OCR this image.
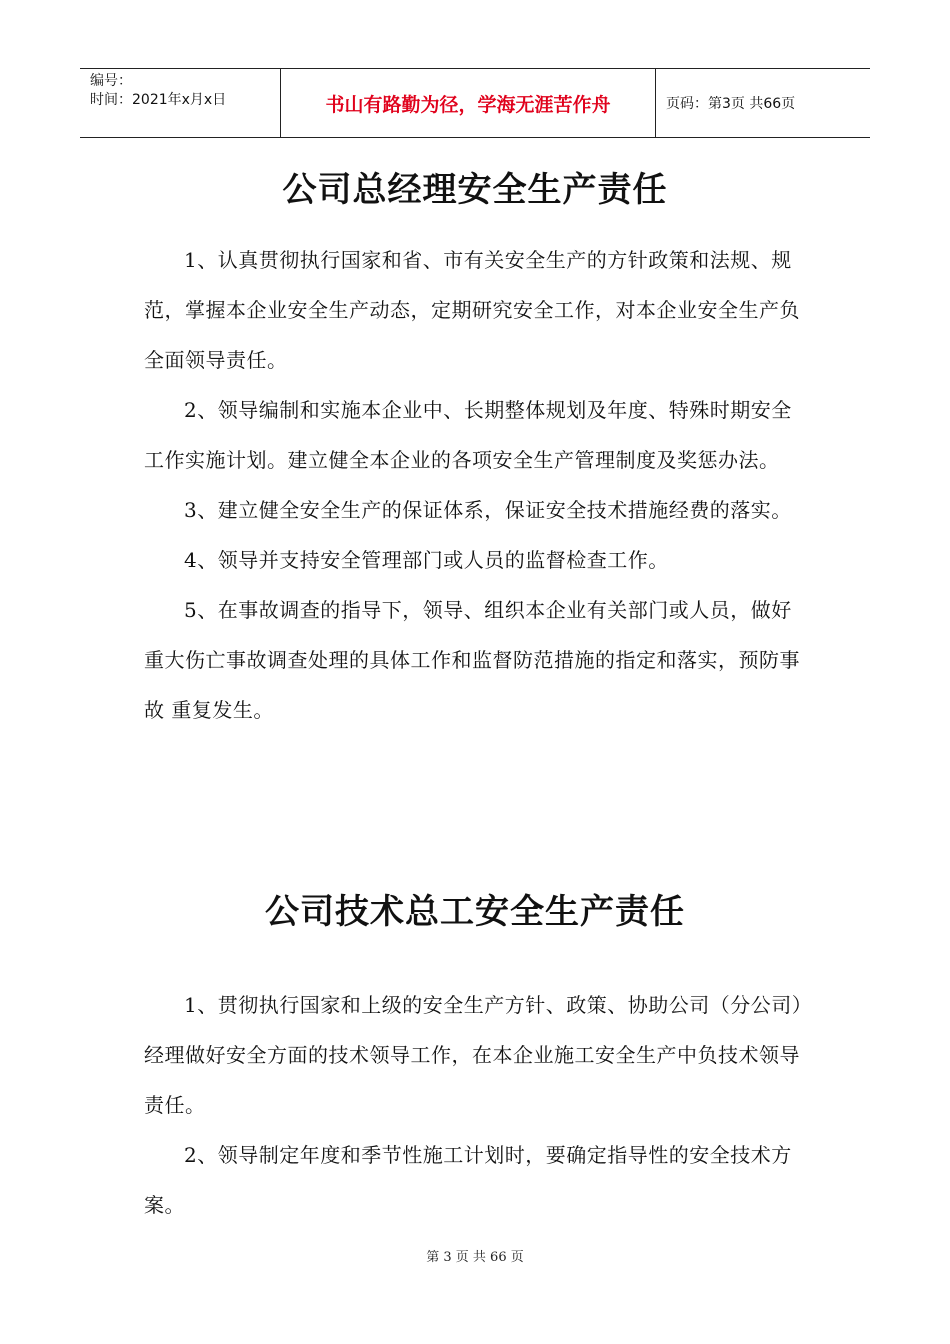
编号：
时间：2021年x月x日	书山有路勤为径，学海无涯苦作舟	页码：第3页 共66页
公司总经理安全生产责任

1、认真贯彻执行国家和省、市有关安全生产的方针政策和法规、规范，掌握本企业安全生产动态，定期研究安全工作，对本企业安全生产负全面领导责任。

2、领导编制和实施本企业中、长期整体规划及年度、特殊时期安全工作实施计划。建立健全本企业的各项安全生产管理制度及奖惩办法。

3、建立健全安全生产的保证体系，保证安全技术措施经费的落实。

4、领导并支持安全管理部门或人员的监督检查工作。

5、在事故调查的指导下，领导、组织本企业有关部门或人员，做好重大伤亡事故调查处理的具体工作和监督防范措施的指定和落实，预防事故 重复发生。

公司技术总工安全生产责任

1、贯彻执行国家和上级的安全生产方针、政策、协助公司（分公司）经理做好安全方面的技术领导工作，在本企业施工安全生产中负技术领导责任。

2、领导制定年度和季节性施工计划时，要确定指导性的安全技术方案。

第 3 页 共 66 页
